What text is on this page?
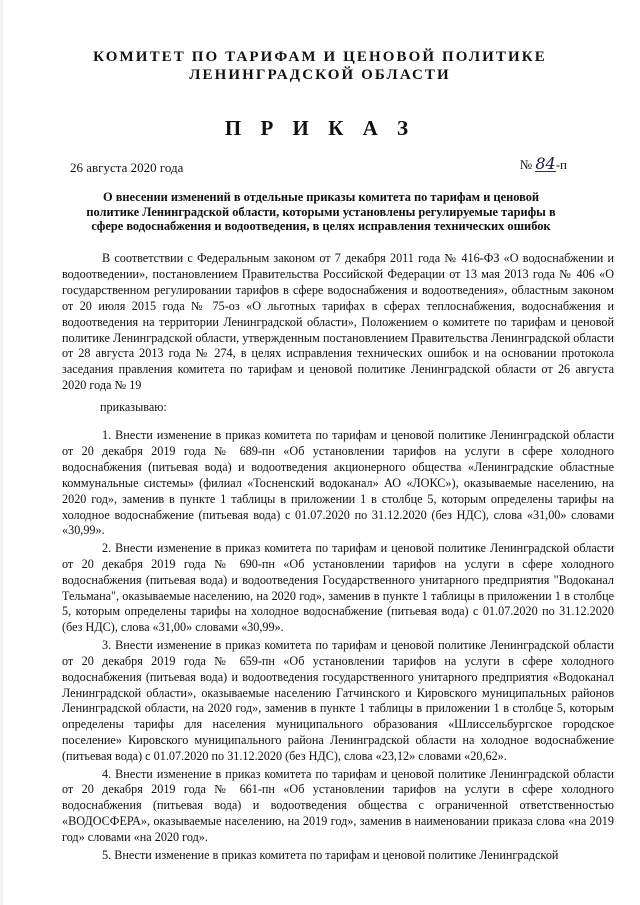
КОМИТЕТ ПО ТАРИФАМ И ЦЕНОВОЙ ПОЛИТИКЕ
ЛЕНИНГРАДСКОЙ ОБЛАСТИ
П Р И К А З
26 августа 2020 года	№ 84-п
О внесении изменений в отдельные приказы комитета по тарифам и ценовой политике Ленинградской области, которыми установлены регулируемые тарифы в сфере водоснабжения и водоотведения, в целях исправления технических ошибок

В соответствии с Федеральным законом от 7 декабря 2011 года № 416-ФЗ «О водоснабжении и водоотведении», постановлением Правительства Российской Федерации от 13 мая 2013 года № 406 «О государственном регулировании тарифов в сфере водоснабжения и водоотведения», областным законом от 20 июля 2015 года № 75-оз «О льготных тарифах в сферах теплоснабжения, водоснабжения и водоотведения на территории Ленинградской области», Положением о комитете по тарифам и ценовой политике Ленинградской области, утвержденным постановлением Правительства Ленинградской области от 28 августа 2013 года № 274, в целях исправления технических ошибок и на основании протокола заседания правления комитета по тарифам и ценовой политике Ленинградской области от 26 августа 2020 года № 19

приказываю:

1. Внести изменение в приказ комитета по тарифам и ценовой политике Ленинградской области от 20 декабря 2019 года № 689-пн «Об установлении тарифов на услуги в сфере холодного водоснабжения (питьевая вода) и водоотведения акционерного общества «Ленинградские областные коммунальные системы» (филиал «Тосненский водоканал» АО «ЛОКС»), оказываемые населению, на 2020 год», заменив в пункте 1 таблицы в приложении 1 в столбце 5, которым определены тарифы на холодное водоснабжение (питьевая вода) с 01.07.2020 по 31.12.2020 (без НДС), слова «31,00» словами «30,99».

2. Внести изменение в приказ комитета по тарифам и ценовой политике Ленинградской области от 20 декабря 2019 года № 690-пн «Об установлении тарифов на услуги в сфере холодного водоснабжения (питьевая вода) и водоотведения Государственного унитарного предприятия "Водоканал Тельмана", оказываемые населению, на 2020 год», заменив в пункте 1 таблицы в приложении 1 в столбце 5, которым определены тарифы на холодное водоснабжение (питьевая вода) с 01.07.2020 по 31.12.2020 (без НДС), слова «31,00» словами «30,99».

3. Внести изменение в приказ комитета по тарифам и ценовой политике Ленинградской области от 20 декабря 2019 года № 659-пн «Об установлении тарифов на услуги в сфере холодного водоснабжения (питьевая вода) и водоотведения государственного унитарного предприятия «Водоканал Ленинградской области», оказываемые населению Гатчинского и Кировского муниципальных районов Ленинградской области, на 2020 год», заменив в пункте 1 таблицы в приложении 1 в столбце 5, которым определены тарифы для населения муниципального образования «Шлиссельбургское городское поселение» Кировского муниципального района Ленинградской области на холодное водоснабжение (питьевая вода) с 01.07.2020 по 31.12.2020 (без НДС), слова «23,12» словами «20,62».

4. Внести изменение в приказ комитета по тарифам и ценовой политике Ленинградской области от 20 декабря 2019 года № 661-пн «Об установлении тарифов на услуги в сфере холодного водоснабжения (питьевая вода) и водоотведения общества с ограниченной ответственностью «ВОДОСФЕРА», оказываемые населению, на 2019 год», заменив в наименовании приказа слова «на 2019 год» словами «на 2020 год».

5. Внести изменение в приказ комитета по тарифам и ценовой политике Ленинградской
